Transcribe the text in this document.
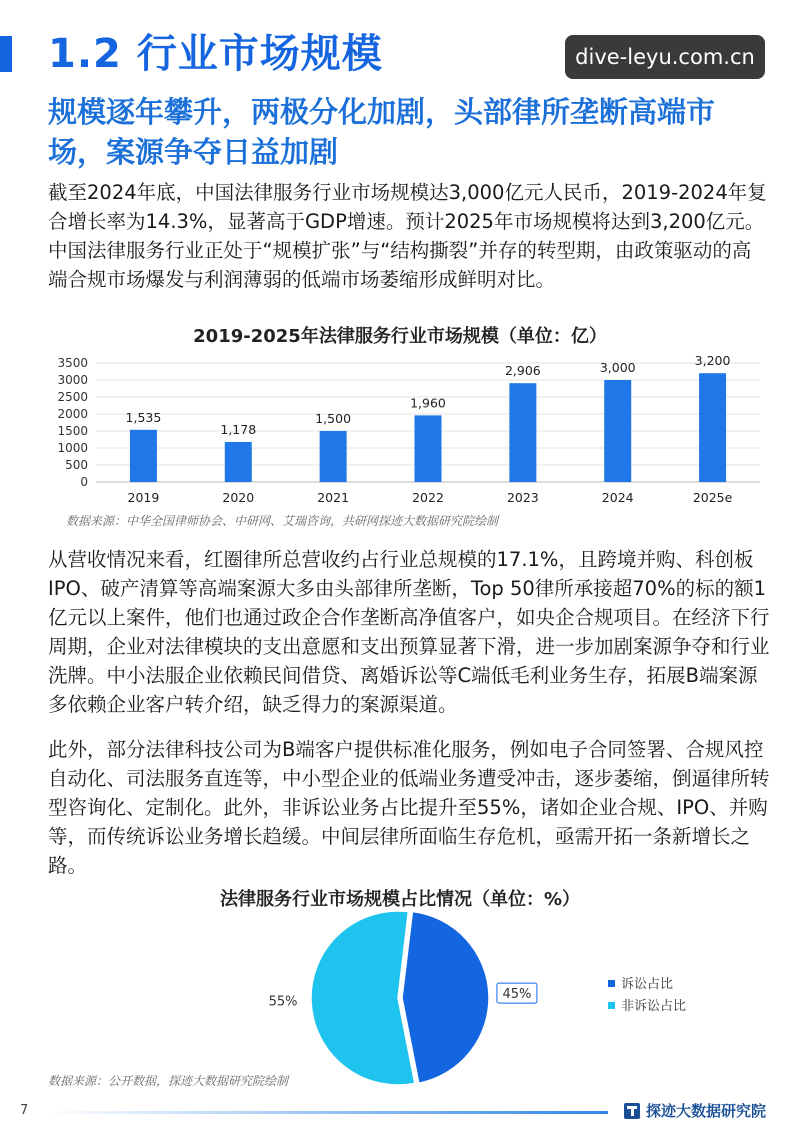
1.2 行业市场规模	dive-leyu.com.cn
规模逐年攀升，两极分化加剧，头部律所垄断高端市场，案源争夺日益加剧
截至2024年底，中国法律服务行业市场规模达3,000亿元人民币，2019-2024年复合增长率为14.3%，显著高于GDP增速。预计2025年市场规模将达到3,200亿元。中国法律服务行业正处于“规模扩张”与“结构撕裂”并存的转型期，由政策驱动的高端合规市场爆发与利润薄弱的低端市场萎缩形成鲜明对比。
2019-2025年法律服务行业市场规模（单位：亿）
0
500
1000
1500
2000
2500
3000
3500
1,535
2019
1,178
2020
1,500
2021
1,960
2022
2,906
2023
3,000
2024
3,200
2025e
数据来源：中华全国律师协会、中研网、艾瑞咨询，共研网探迹大数据研究院绘制
从营收情况来看，红圈律所总营收约占行业总规模的17.1%，且跨境并购、科创板IPO、破产清算等高端案源大多由头部律所垄断，Top 50律所承接超70%的标的额1亿元以上案件，他们也通过政企合作垄断高净值客户，如央企合规项目。在经济下行周期，企业对法律模块的支出意愿和支出预算显著下滑，进一步加剧案源争夺和行业洗牌。中小法服企业依赖民间借贷、离婚诉讼等C端低毛利业务生存，拓展B端案源多依赖企业客户转介绍，缺乏得力的案源渠道。
此外，部分法律科技公司为B端客户提供标准化服务，例如电子合同签署、合规风控自动化、司法服务直连等，中小型企业的低端业务遭受冲击，逐步萎缩，倒逼律所转型咨询化、定制化。此外，非诉讼业务占比提升至55%，诸如企业合规、IPO、并购等，而传统诉讼业务增长趋缓。中间层律所面临生存危机，亟需开拓一条新增长之路。
法律服务行业市场规模占比情况（单位：%）
45%
55%
诉讼占比
非诉讼占比
数据来源：公开数据，探迹大数据研究院绘制
7	探迹大数据研究院
